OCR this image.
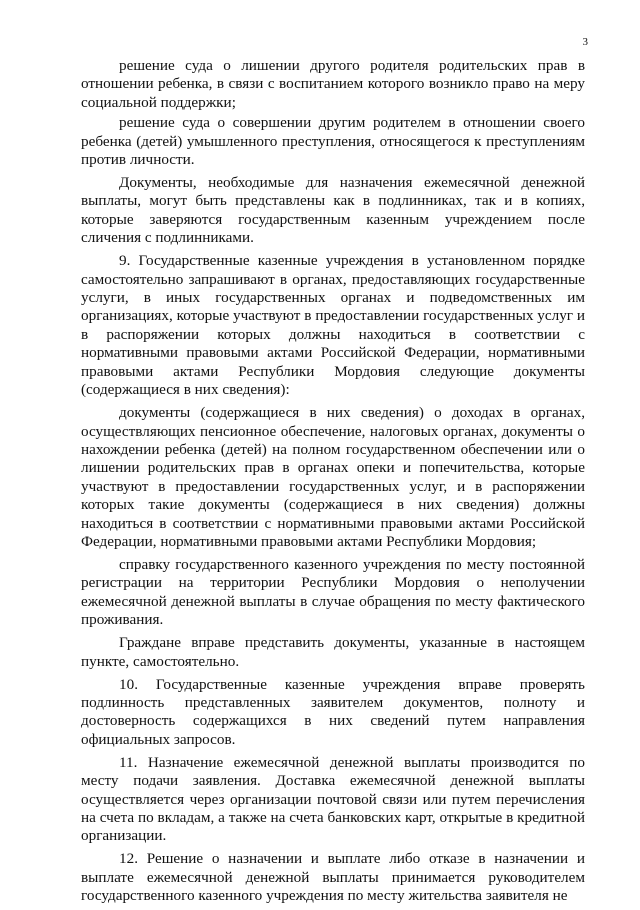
3

решение суда о лишении другого родителя родительских прав в отношении ребенка, в связи с воспитанием которого возникло право на меру социальной поддержки;

решение суда о совершении другим родителем в отношении своего ребенка (детей) умышленного преступления, относящегося к преступлениям против личности.

Документы, необходимые для назначения ежемесячной денежной выплаты, могут быть представлены как в подлинниках, так и в копиях, которые заверяются государственным казенным учреждением после сличения с подлинниками.

9. Государственные казенные учреждения в установленном порядке самостоятельно запрашивают в органах, предоставляющих государственные услуги, в иных государственных органах и подведомственных им организациях, которые участвуют в предоставлении государственных услуг и в распоряжении которых должны находиться в соответствии с нормативными правовыми актами Российской Федерации, нормативными правовыми актами Республики Мордовия следующие документы (содержащиеся в них сведения):

документы (содержащиеся в них сведения) о доходах в органах, осуществляющих пенсионное обеспечение, налоговых органах, документы о нахождении ребенка (детей) на полном государственном обеспечении или о лишении родительских прав в органах опеки и попечительства, которые участвуют в предоставлении государственных услуг, и в распоряжении которых такие документы (содержащиеся в них сведения) должны находиться в соответствии с нормативными правовыми актами Российской Федерации, нормативными правовыми актами Республики Мордовия;

справку государственного казенного учреждения по месту постоянной регистрации на территории Республики Мордовия о неполучении ежемесячной денежной выплаты в случае обращения по месту фактического проживания.

Граждане вправе представить документы, указанные в настоящем пункте, самостоятельно.

10. Государственные казенные учреждения вправе проверять подлинность представленных заявителем документов, полноту и достоверность содержащихся в них сведений путем направления официальных запросов.

11. Назначение ежемесячной денежной выплаты производится по месту подачи заявления. Доставка ежемесячной денежной выплаты осуществляется через организации почтовой связи или путем перечисления на счета по вкладам, а также на счета банковских карт, открытые в кредитной организации.

12. Решение о назначении и выплате либо отказе в назначении и выплате ежемесячной денежной выплаты принимается руководителем государственного казенного учреждения по месту жительства заявителя не
